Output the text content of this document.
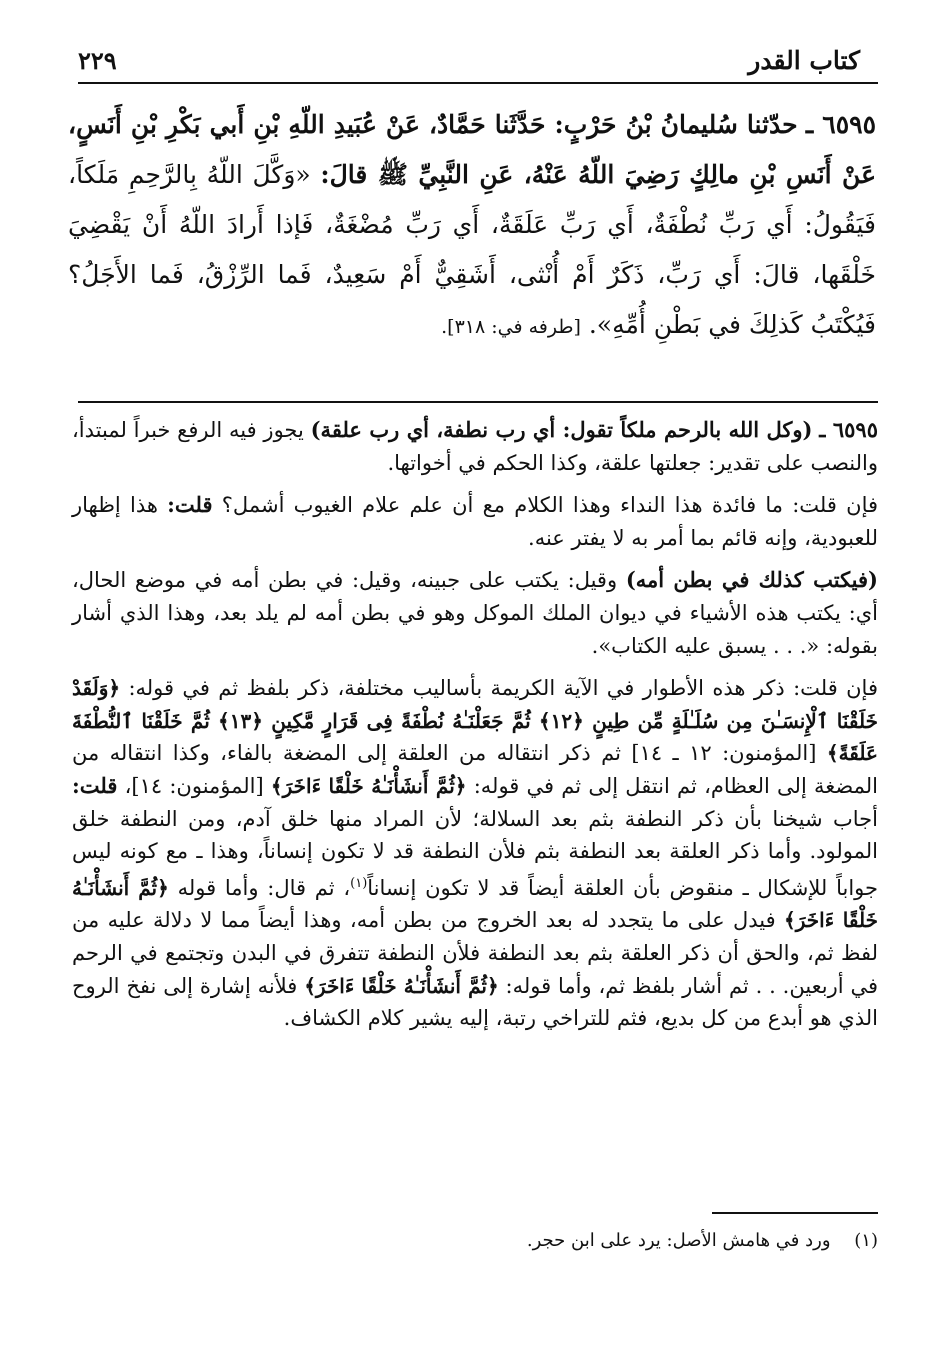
كتاب القدر
٢٢٩
٦٥٩٥ ـ حدّثنا سُليمانُ بْنُ حَرْبٍ: حَدَّثَنا حَمَّادٌ، عَنْ عُبَيدِ اللّهِ بْنِ أَبي بَكْرِ بْنِ أَنَسٍ، عَنْ أَنَسِ بْنِ مالِكٍ رَضِيَ اللّهُ عَنْهُ، عَنِ النَّبِيِّ ﷺ قالَ: «وَكَّلَ اللّهُ بِالرَّحِمِ مَلَكاً، فَيَقُولُ: أَي رَبِّ نُطْفَةٌ، أَي رَبِّ عَلَقَةٌ، أَي رَبِّ مُضْغَةٌ، فَإذا أَرادَ اللّهُ أَنْ يَقْضِيَ خَلْقَها، قالَ: أَي رَبِّ، ذَكَرٌ أَمْ أُنْثى، أَشَقِيٌّ أَمْ سَعِيدٌ، فَما الرِّزْقُ، فَما الأَجَلُ؟ فَيُكْتَبُ كَذلِكَ في بَطْنِ أُمِّهِ». [طرفه في: ٣١٨].

٦٥٩٥ ـ (وكل الله بالرحم ملكاً تقول: أي رب نطفة، أي رب علقة) يجوز فيه الرفع خبراً لمبتدأ، والنصب على تقدير: جعلتها علقة، وكذا الحكم في أخواتها.

فإن قلت: ما فائدة هذا النداء وهذا الكلام مع أن علم علام الغيوب أشمل؟ قلت: هذا إظهار للعبودية، وإنه قائم بما أمر به لا يفتر عنه.

(فيكتب كذلك في بطن أمه) وقيل: يكتب على جبينه، وقيل: في بطن أمه في موضع الحال، أي: يكتب هذه الأشياء في ديوان الملك الموكل وهو في بطن أمه لم يلد بعد، وهذا الذي أشار بقوله: «. . . يسبق عليه الكتاب».

فإن قلت: ذكر هذه الأطوار في الآية الكريمة بأساليب مختلفة، ذكر بلفظ ثم في قوله: ﴿وَلَقَدْ خَلَقْنَا ٱلْإِنسَـٰنَ مِن سُلَـٰلَةٍ مِّن طِينٍ ﴿١٢﴾ ثُمَّ جَعَلْنَـٰهُ نُطْفَةً فِى قَرَارٍ مَّكِينٍ ﴿١٣﴾ ثُمَّ خَلَقْنَا ٱلنُّطْفَةَ عَلَقَةً﴾ [المؤمنون: ١٢ ـ ١٤] ثم ذكر انتقاله من العلقة إلى المضغة بالفاء، وكذا انتقاله من المضغة إلى العظام، ثم انتقل إلى ثم في قوله: ﴿ثُمَّ أَنشَأْنَـٰهُ خَلْقًا ءَاخَرَ﴾ [المؤمنون: ١٤]، قلت: أجاب شيخنا بأن ذكر النطفة بثم بعد السلالة؛ لأن المراد منها خلق آدم، ومن النطفة خلق المولود. وأما ذكر العلقة بعد النطفة بثم فلأن النطفة قد لا تكون إنساناً، وهذا ـ مع كونه ليس جواباً للإشكال ـ منقوض بأن العلقة أيضاً قد لا تكون إنساناً$^{(١)}$، ثم قال: وأما قوله ﴿ثُمَّ أَنشَأْنَـٰهُ خَلْقًا ءَاخَرَ﴾ فيدل على ما يتجدد له بعد الخروج من بطن أمه، وهذا أيضاً مما لا دلالة عليه من لفظ ثم، والحق أن ذكر العلقة بثم بعد النطفة فلأن النطفة تتفرق في البدن وتجتمع في الرحم في أربعين. . . ثم أشار بلفظ ثم، وأما قوله: ﴿ثُمَّ أَنشَأْنَـٰهُ خَلْقًا ءَاخَرَ﴾ فلأنه إشارة إلى نفخ الروح الذي هو أبدع من كل بديع، فثم للتراخي رتبة، إليه يشير كلام الكشاف.

(١) ورد في هامش الأصل: يرد على ابن حجر.
